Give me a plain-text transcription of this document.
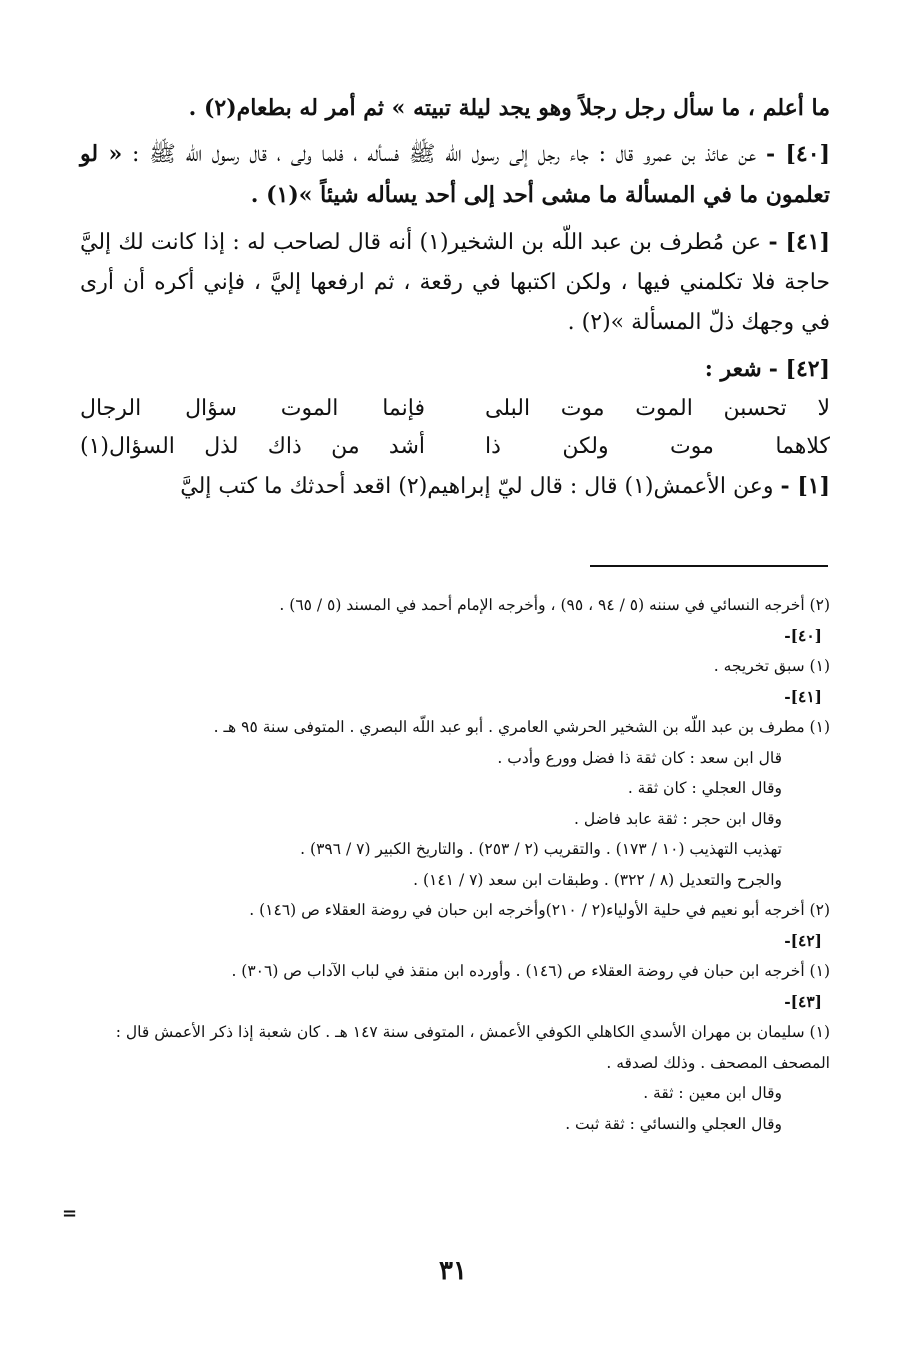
ما أعلم ، ما سأل رجل رجلاً وهو يجد ليلة تبيته » ثم أمر له بطعام(٢) .

[٤٠] - عن عائذ بن عمرو قال : جاء رجل إلى رسول اللّه ﷺ فسأله ، فلما ولى ، قال رسول اللّه ﷺ : « لو تعلمون ما في المسألة ما مشى أحد إلى أحد يسأله شيئاً »(١) .

[٤١] - عن مُطرف بن عبد اللّه بن الشخير(١) أنه قال لصاحب له : إذا كانت لك إليَّ حاجة فلا تكلمني فيها ، ولكن اكتبها في رقعة ، ثم ارفعها إليَّ ، فإني أكره أن أرى في وجهك ذلّ المسألة »(٢) .

[٤٢] - شعر :

لا تحسبن الموت موت البلى
فإنما الموت سؤال الرجال
كلاهما موت ولكن ذا
أشد من ذاك لذل السؤال(١)

[١] - وعن الأعمش(١) قال : قال ليّ إبراهيم(٢) اقعد أحدثك ما كتب إليَّ

(٢) أخرجه النسائي في سننه (٥ / ٩٤ ، ٩٥) ، وأخرجه الإمام أحمد في المسند (٥ / ٦٥) .

[٤٠]-

(١) سبق تخريجه .

[٤١]-

(١) مطرف بن عبد اللّه بن الشخير الحرشي العامري . أبو عبد اللّه البصري . المتوفى سنة ٩٥ هـ .

قال ابن سعد : كان ثقة ذا فضل وورع وأدب .

وقال العجلي : كان ثقة .

وقال ابن حجر : ثقة عابد فاضل .

تهذيب التهذيب (١٠ / ١٧٣) . والتقريب (٢ / ٢٥٣) . والتاريخ الكبير (٧ / ٣٩٦) .

والجرح والتعديل (٨ / ٣٢٢) . وطبقات ابن سعد (٧ / ١٤١) .

(٢) أخرجه أبو نعيم في حلية الأولياء(٢ / ٢١٠)وأخرجه ابن حبان في روضة العقلاء ص (١٤٦) .

[٤٢]-

(١) أخرجه ابن حبان في روضة العقلاء ص (١٤٦) . وأورده ابن منقذ في لباب الآداب ص (٣٠٦) .

[٤٣]-

(١) سليمان بن مهران الأسدي الكاهلي الكوفي الأعمش ، المتوفى سنة ١٤٧ هـ . كان شعبة إذا ذكر الأعمش قال : المصحف المصحف . وذلك لصدقه .

وقال ابن معين : ثقة .

وقال العجلي والنسائي : ثقة ثبت .

=
٣١
